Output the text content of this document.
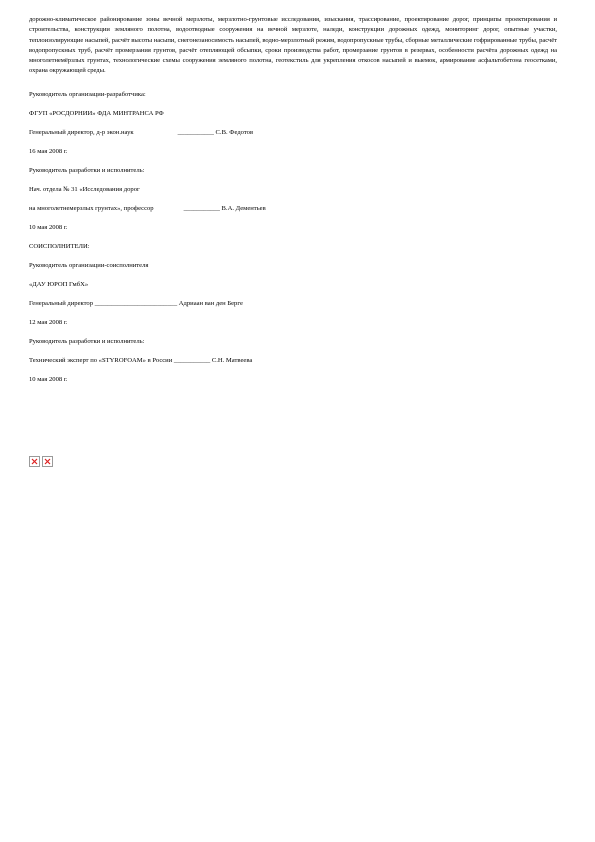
дорожно-климатическое районирование зоны вечной мерзлоты, мерзлотно-грунтовые исследования, изыскания, трассирование, проектирование дорог, принципы проектирования и строительства, конструкции земляного полотна, водоотводные сооружения на вечной мерзлоте, наледи, конструкции дорожных одежд, мониторинг дорог, опытные участки, теплоизолирующие насыпей, расчёт высоты насыпи, снегонезаносимость насыпей, водно-мерзлотный режим, водопропускные трубы, сборные металлические гофрированные трубы, расчёт водопропускных труб, расчёт промерзания грунтов, расчёт отепляющей обсыпки, сроки производства работ, промерзание грунтов в резервах, особенности расчёта дорожных одежд на многолетнемёрзлых грунтах, технологические схемы сооружения земляного полотна, геотекстиль для укрепления откосов насыпей и выемок, армирование асфальтобетона геосетками, охрана окружающей среды.

Руководитель организации-разработчика:

ФГУП «РОСДОРНИИ» ФДА МИНТРАНСА РФ

Генеральный директор, д-р экон.наук	___________ С.В. Федотов

16 мая 2008 г.

Руководитель разработки и исполнитель:

Нач. отдела № 31 «Исследования дорог

на многолетнемерзлых грунтах», профессор	___________ В.А. Дементьев

10 мая 2008 г.

СОИСПОЛНИТЕЛИ:

Руководитель организации-соисполнителя

«ДАУ ЮРОП ГмбХ»

Генеральный директор _________________________ Адриаан ван ден Берге

12 мая 2008 г.

Руководитель разработки и исполнитель:

Технический эксперт по «STYROFOAM» в России ___________ С.Н. Матвеева

10 мая 2008 г.
